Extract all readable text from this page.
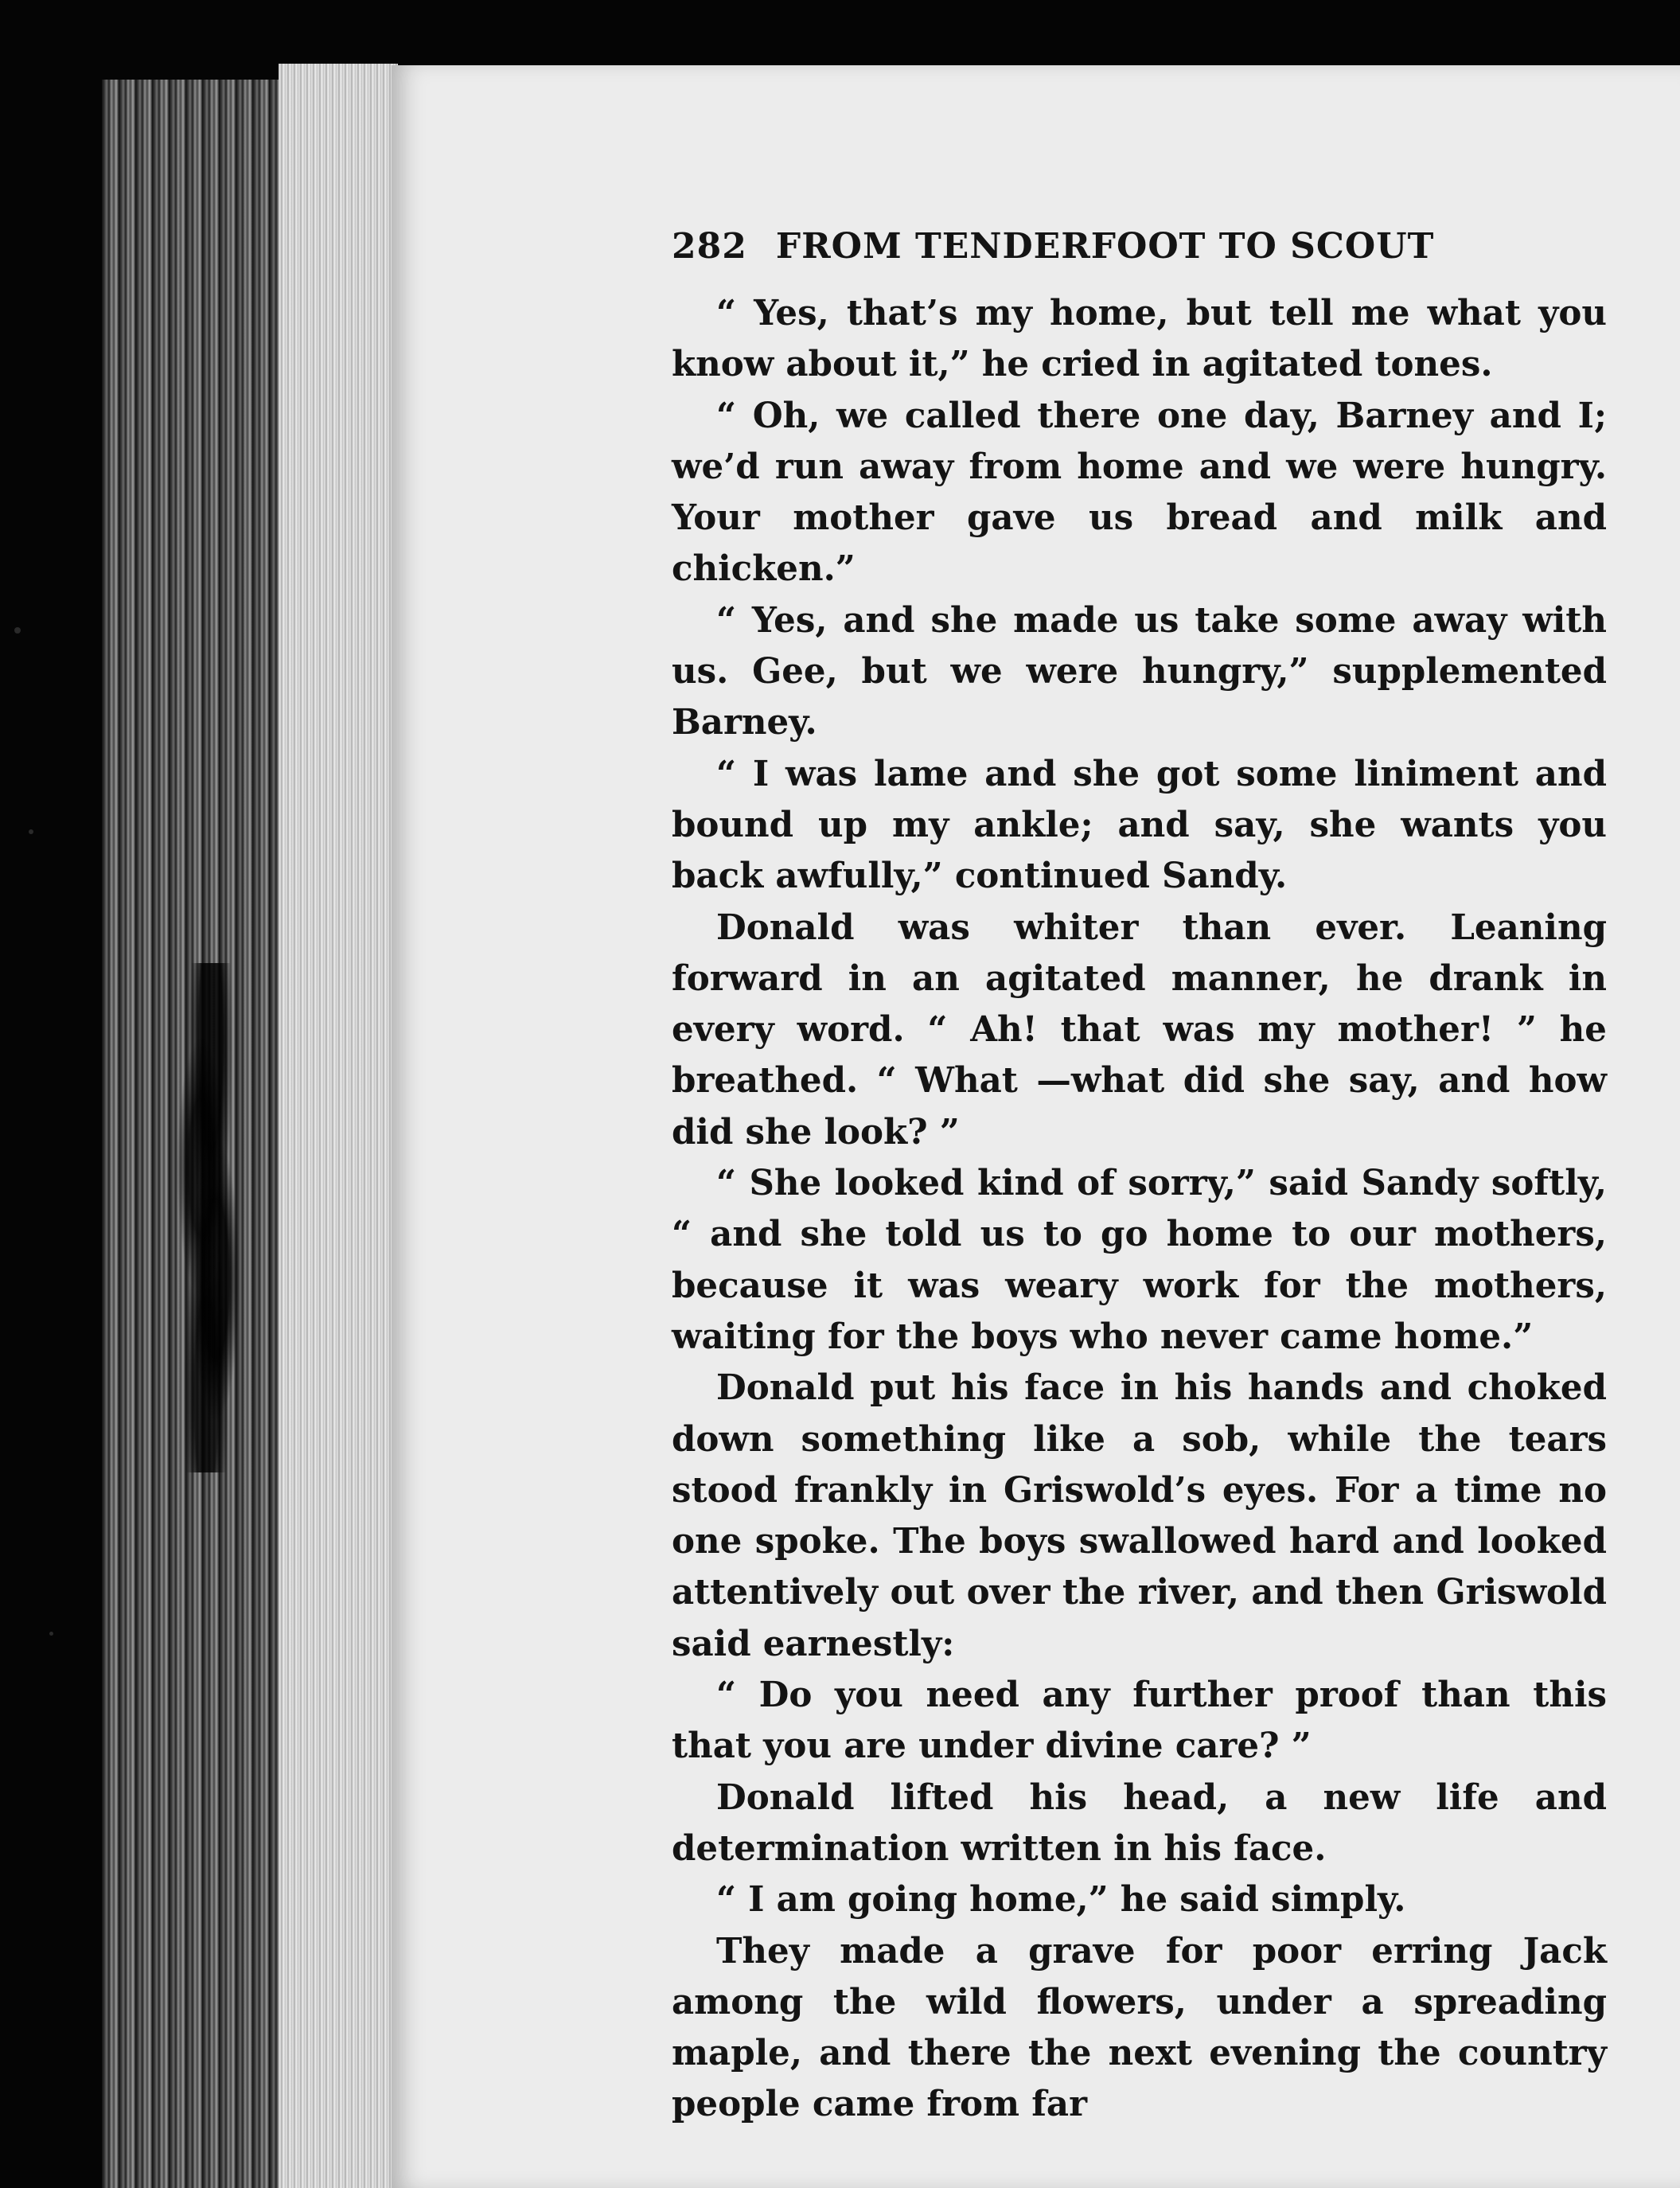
282 FROM TENDERFOOT TO SCOUT

“ Yes, that’s my home, but tell me what you know about it,” he cried in agitated tones.

“ Oh, we called there one day, Barney and I; we’d run away from home and we were hungry. Your mother gave us bread and milk and chicken.”

“ Yes, and she made us take some away with us. Gee, but we were hungry,” supplemented Barney.

“ I was lame and she got some liniment and bound up my ankle; and say, she wants you back awfully,” continued Sandy.

Donald was whiter than ever. Leaning forward in an agitated manner, he drank in every word. “ Ah! that was my mother! ” he breathed. “ What —what did she say, and how did she look? ”

“ She looked kind of sorry,” said Sandy softly, “ and she told us to go home to our mothers, because it was weary work for the mothers, waiting for the boys who never came home.”

Donald put his face in his hands and choked down something like a sob, while the tears stood frankly in Griswold’s eyes. For a time no one spoke. The boys swallowed hard and looked attentively out over the river, and then Griswold said earnestly:

“ Do you need any further proof than this that you are under divine care? ”

Donald lifted his head, a new life and determination written in his face.

“ I am going home,” he said simply.

They made a grave for poor erring Jack among the wild flowers, under a spreading maple, and there the next evening the country people came from far
